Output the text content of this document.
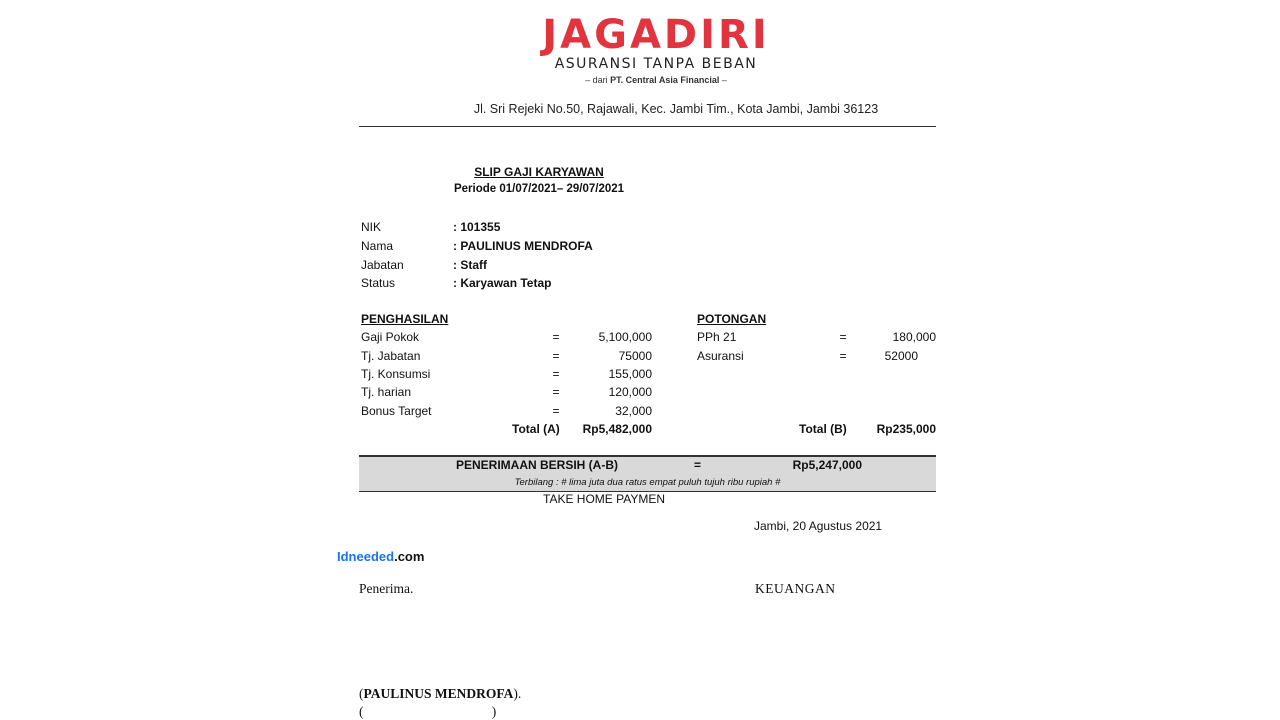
JAGADIRI
ASURANSI TANPA BEBAN
– dari PT. Central Asia Financial –
Jl. Sri Rejeki No.50, Rajawali, Kec. Jambi Tim., Kota Jambi, Jambi 36123
SLIP GAJI KARYAWAN
Periode 01/07/2021– 29/07/2021
NIK	: 101355
Nama	: PAULINUS MENDROFA
Jabatan	: Staff
Status	: Karyawan Tetap
PENGHASILAN
Gaji Pokok	=	5,100,000
Tj. Jabatan	=	75000
Tj. Konsumsi	=	155,000
Tj. harian	=	120,000
Bonus Target	=	32,000
Total (A)	Rp5,482,000
POTONGAN
PPh 21	=	180,000
Asuransi	=	52000
Total (B)	Rp235,000
PENERIMAAN BERSIH (A-B)	=	Rp5,247,000
Terbilang : # lima juta dua ratus empat puluh tujuh ribu rupiah #
TAKE HOME PAYMEN
Jambi, 20 Agustus 2021
Idneeded.com
Penerima.	KEUANGAN
(PAULINUS MENDROFA).
(                                      )
